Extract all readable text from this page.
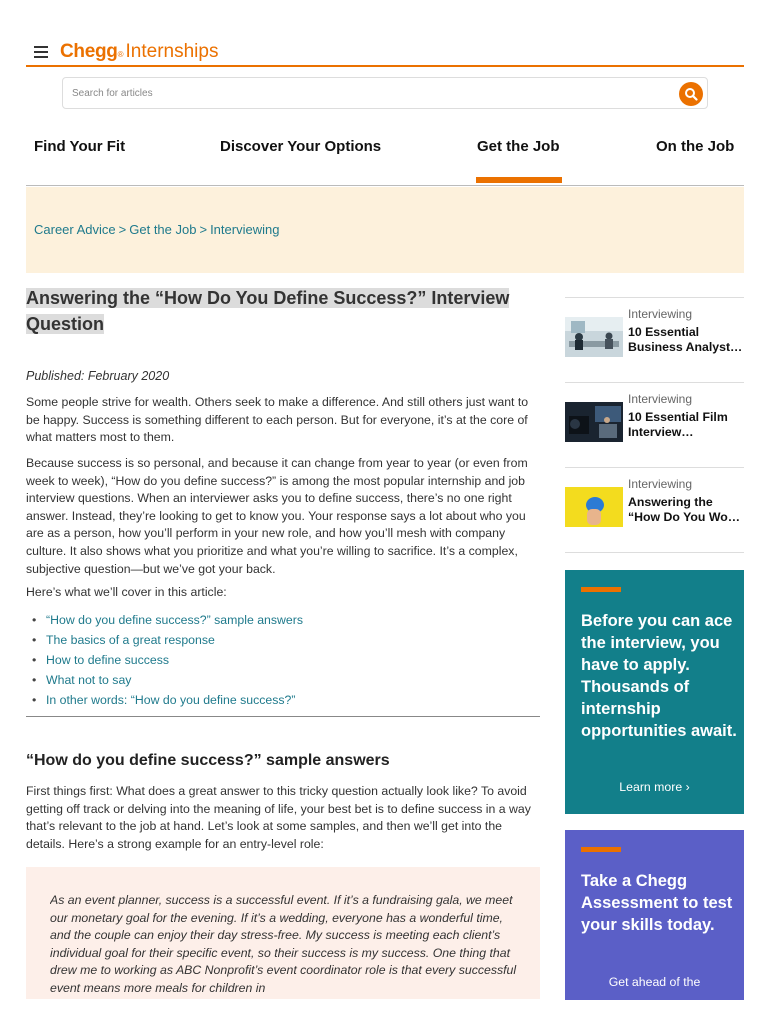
Chegg ® Internships
Search for articles
Find Your Fit	Discover Your Options	Get the Job	On the Job
Career Advice > Get the Job > Interviewing
Answering the “How Do You Define Success?” Interview Question
Published: February 2020

Some people strive for wealth. Others seek to make a difference. And still others just want to be happy. Success is something different to each person. But for everyone, it’s at the core of what matters most to them.

Because success is so personal, and because it can change from year to year (or even from week to week), “How do you define success?” is among the most popular internship and job interview questions. When an interviewer asks you to define success, there’s no one right answer. Instead, they’re looking to get to know you. Your response says a lot about who you are as a person, how you’ll perform in your new role, and how you’ll mesh with company culture. It also shows what you prioritize and what you’re willing to sacrifice. It’s a complex, subjective question—but we’ve got your back.

Here’s what we’ll cover in this article:

• “How do you define success?” sample answers
• The basics of a great response
• How to define success
• What not to say
• In other words: “How do you define success?”
“How do you define success?” sample answers

First things first: What does a great answer to this tricky question actually look like? To avoid getting off track or delving into the meaning of life, your best bet is to define success in a way that’s relevant to the job at hand. Let’s look at some samples, and then we’ll get into the details. Here’s a strong example for an entry-level role:

As an event planner, success is a successful event. If it’s a fundraising gala, we meet our monetary goal for the evening. If it’s a wedding, everyone has a wonderful time, and the couple can enjoy their day stress-free. My success is meeting each client’s individual goal for their specific event, so their success is my success. One thing that drew me to working as ABC Nonprofit’s event coordinator role is that every successful event means more meals for children in

Interviewing
10 Essential Business Analyst…
Interviewing
10 Essential Film Interview…
Interviewing
Answering the “How Do You Wo…
Before you can ace the interview, you have to apply. Thousands of internship opportunities await.
Learn more ›
Take a Chegg Assessment to test your skills today.
Get ahead of the
